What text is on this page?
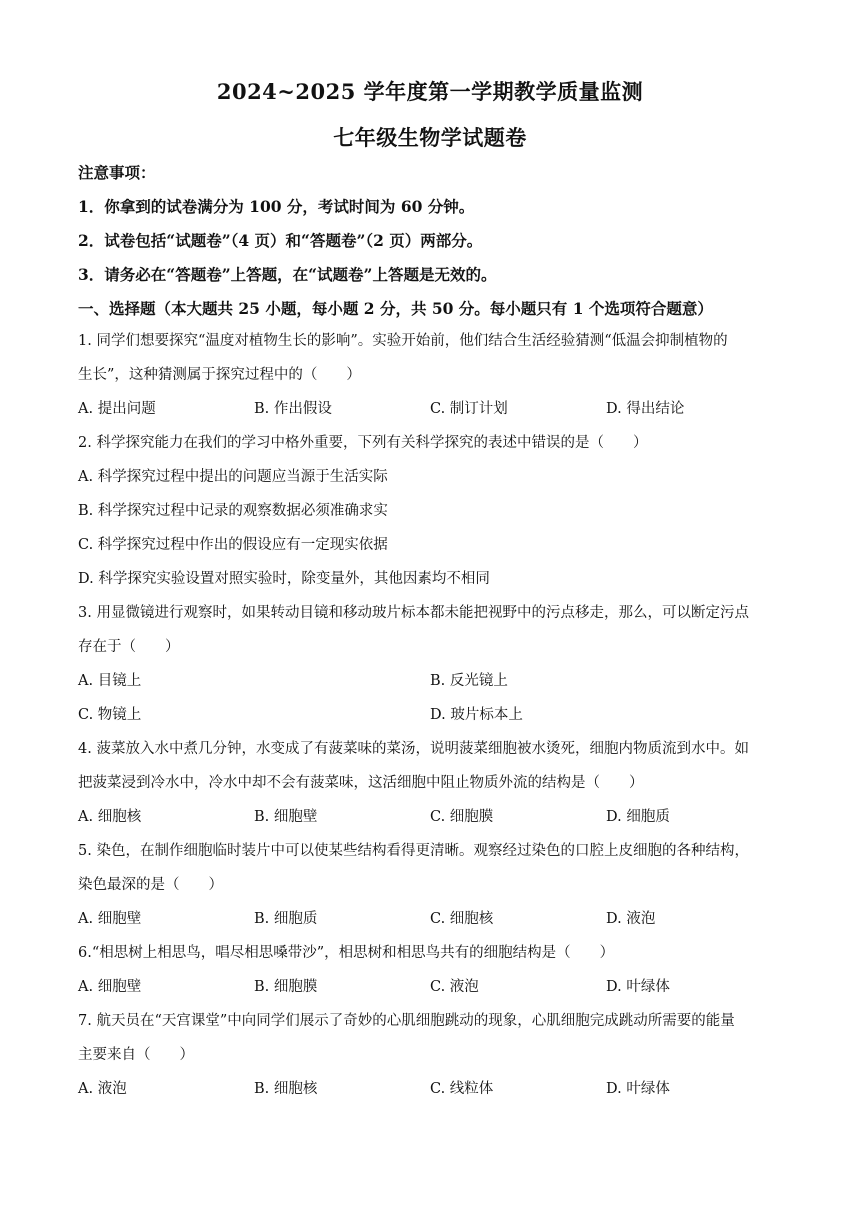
2024~2025 学年度第一学期教学质量监测
七年级生物学试题卷
注意事项：
1．你拿到的试卷满分为 100 分，考试时间为 60 分钟。
2．试卷包括“试题卷”（4 页）和“答题卷”（2 页）两部分。
3．请务必在“答题卷”上答题，在“试题卷”上答题是无效的。
一、选择题（本大题共 25 小题，每小题 2 分，共 50 分。每小题只有 1 个选项符合题意）
1. 同学们想要探究“温度对植物生长的影响”。实验开始前，他们结合生活经验猜测“低温会抑制植物的
生长”，这种猜测属于探究过程中的（　　）
A. 提出问题	B. 作出假设	C. 制订计划	D. 得出结论
2. 科学探究能力在我们的学习中格外重要，下列有关科学探究的表述中错误的是（　　）
A. 科学探究过程中提出的问题应当源于生活实际
B. 科学探究过程中记录的观察数据必须准确求实
C. 科学探究过程中作出的假设应有一定现实依据
D. 科学探究实验设置对照实验时，除变量外，其他因素均不相同
3. 用显微镜进行观察时，如果转动目镜和移动玻片标本都未能把视野中的污点移走，那么，可以断定污点
存在于（　　）
A. 目镜上	B. 反光镜上
C. 物镜上	D. 玻片标本上
4. 菠菜放入水中煮几分钟，水变成了有菠菜味的菜汤，说明菠菜细胞被水烫死，细胞内物质流到水中。如
把菠菜浸到冷水中，冷水中却不会有菠菜味，这活细胞中阻止物质外流的结构是（　　）
A. 细胞核	B. 细胞壁	C. 细胞膜	D. 细胞质
5. 染色，在制作细胞临时装片中可以使某些结构看得更清晰。观察经过染色的口腔上皮细胞的各种结构，
染色最深的是（　　）
A. 细胞壁	B. 细胞质	C. 细胞核	D. 液泡
6.“相思树上相思鸟，唱尽相思嗓带沙”，相思树和相思鸟共有的细胞结构是（　　）
A. 细胞壁	B. 细胞膜	C. 液泡	D. 叶绿体
7. 航天员在“天宫课堂”中向同学们展示了奇妙的心肌细胞跳动的现象，心肌细胞完成跳动所需要的能量
主要来自（　　）
A. 液泡	B. 细胞核	C. 线粒体	D. 叶绿体
